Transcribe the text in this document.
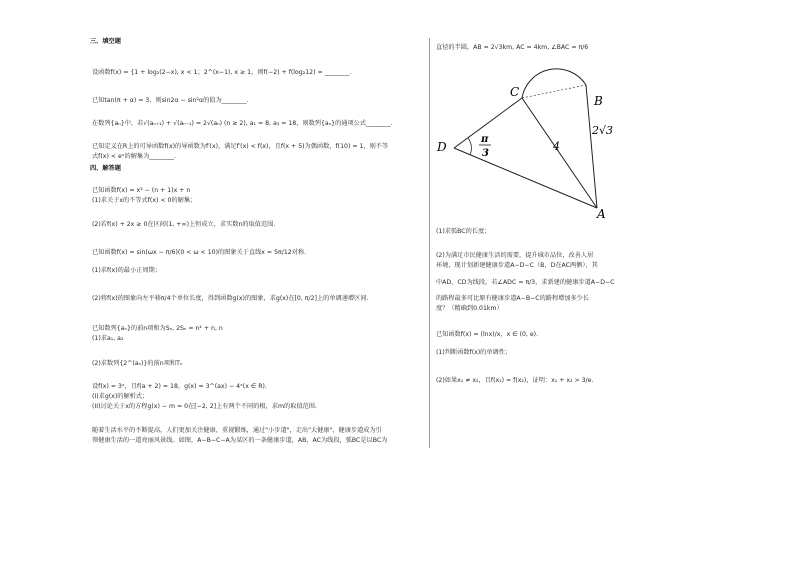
三、填空题
设函数f(x) = {1 + log₂(2−x), x < 1；2^(x−1), x ≥ 1，则f(−2) + f(log₂12) = ________.
已知tan(π + α) = 3，则sin2α − sin²α的值为________.
在数列{aₙ}中，若√(aₙ₊₁) + √(aₙ₋₁) = 2√(aₙ) (n ≥ 2), a₁ = 8, a₃ = 18，则数列{aₙ}的通项公式________.
已知定义在R上的可导函数f(x)的导函数为f′(x)，满足f′(x) < f(x)，且f(x + 5)为偶函数，f(10) = 1，则不等
式f(x) < eˣ的解集为________.
四、解答题
已知函数f(x) = x² − (n + 1)x + n
(1)求关于x的不等式f(x) < 0的解集；
(2)若f(x) + 2x ≥ 0在区间(1, +∞)上恒成立，求实数n的取值范围.
已知函数f(x) = sin(ωx − π/6)(0 < ω < 10)的图象关于直线x = 5π/12对称.
(1)求f(x)的最小正周期；
(2)将f(x)的图象向左平移π/4个单位长度，得到函数g(x)的图象，求g(x)在[0, π/2]上的单调递增区间.
已知数列{aₙ}的前n项和为Sₙ, 2Sₙ = n² + n, n
(1)求a₁, a₂
(2)求数列{2^(aₙ)}的前n项和Tₙ
设f(x) = 3ˣ，且f(a + 2) = 18，g(x) = 3^(ax) − 4ˣ(x ∈ R).
(I)求g(x)的解析式；
(II)讨论关于x的方程g(x) − m = 0在[−2, 2]上有两个不同的根，求m的取值范围.
随着生活水平的不断提高，人们更加关注健康，重视锻炼，通过"小步道"，走出"大健康"，健康步道成为引
领健康生活的一道亮丽风景线。如图，A−B−C−A为某区的一条健康步道，AB、AC为线段，弧BC是以BC为
直径的半圆，AB = 2√3km, AC = 4km, ∠BAC = π/6
(1)求弧BC的长度；
(2)为满足市民健康生活的需要，提升城市品位，改善人居
环境，现计划新建健康步道A−D−C（B，D在AC两侧），其
中AD，CD为线段，若∠ADC = π/3，求新建的健康步道A−D−C
的路程最多可比原有健康步道A−B−C的路程增加多少长
度？（精确到0.01km）
已知函数f(x) = (lnx)/x，x ∈ (0, e).
(1)判断函数f(x)的单调性；
(2)如果x₁ ≠ x₂，且f(x₁) = f(x₂)，证明：x₁ + x₂ > 3/e.
C
B
D
A
π
3
4
2√3
